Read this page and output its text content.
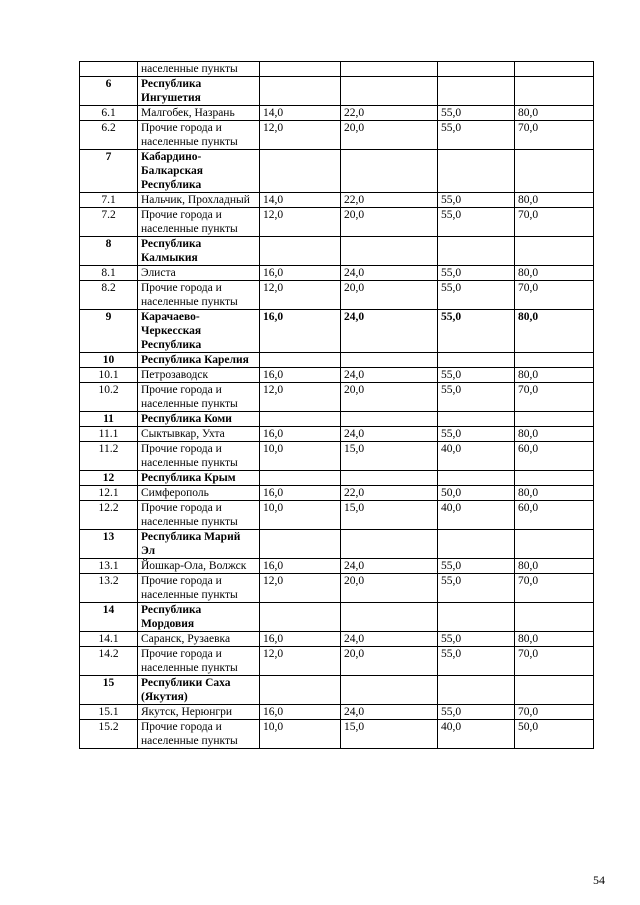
	населенные пункты				
6	Республика Ингушетия				
6.1	Малгобек, Назрань	14,0	22,0	55,0	80,0
6.2	Прочие города и населенные пункты	12,0	20,0	55,0	70,0
7	Кабардино-Балкарская Республика				
7.1	Нальчик, Прохладный	14,0	22,0	55,0	80,0
7.2	Прочие города и населенные пункты	12,0	20,0	55,0	70,0
8	Республика Калмыкия				
8.1	Элиста	16,0	24,0	55,0	80,0
8.2	Прочие города и населенные пункты	12,0	20,0	55,0	70,0
9	Карачаево-Черкесская Республика	16,0	24,0	55,0	80,0
10	Республика Карелия				
10.1	Петрозаводск	16,0	24,0	55,0	80,0
10.2	Прочие города и населенные пункты	12,0	20,0	55,0	70,0
11	Республика Коми				
11.1	Сыктывкар, Ухта	16,0	24,0	55,0	80,0
11.2	Прочие города и населенные пункты	10,0	15,0	40,0	60,0
12	Республика Крым				
12.1	Симферополь	16,0	22,0	50,0	80,0
12.2	Прочие города и населенные пункты	10,0	15,0	40,0	60,0
13	Республика Марий Эл				
13.1	Йошкар-Ола, Волжск	16,0	24,0	55,0	80,0
13.2	Прочие города и населенные пункты	12,0	20,0	55,0	70,0
14	Республика Мордовия				
14.1	Саранск, Рузаевка	16,0	24,0	55,0	80,0
14.2	Прочие города и населенные пункты	12,0	20,0	55,0	70,0
15	Республики Саха (Якутия)				
15.1	Якутск, Нерюнгри	16,0	24,0	55,0	70,0
15.2	Прочие города и населенные пункты	10,0	15,0	40,0	50,0
54
